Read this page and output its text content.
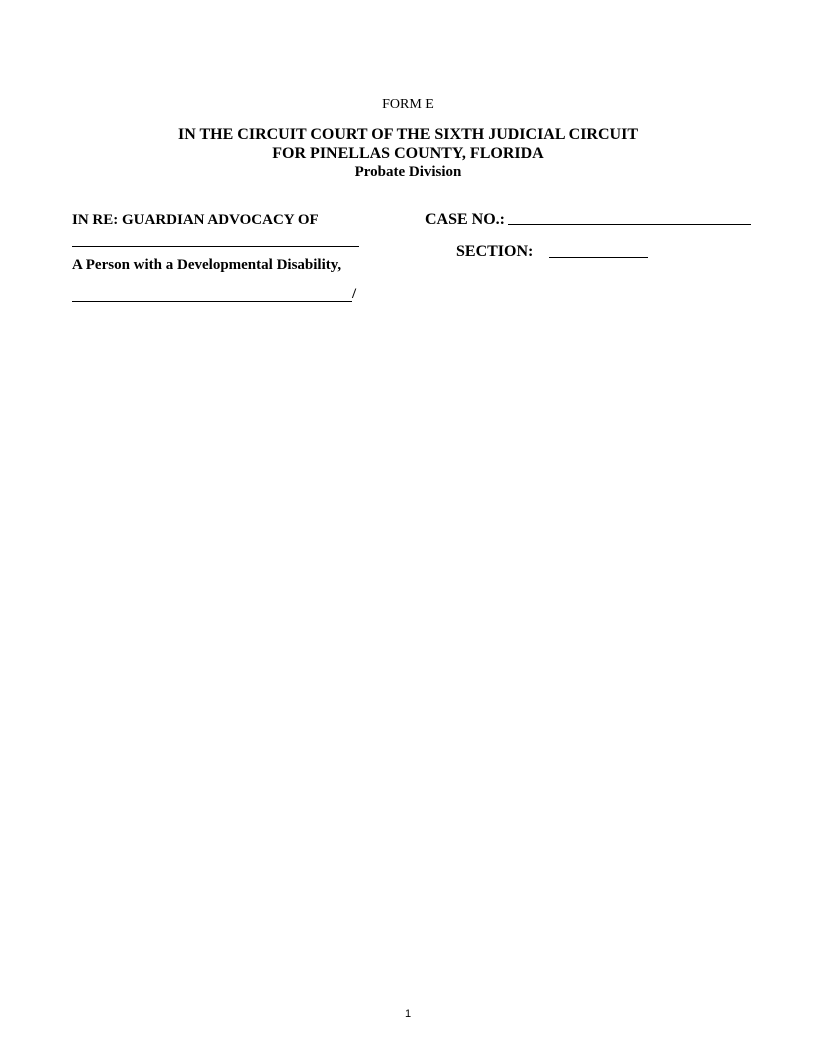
FORM E
IN THE CIRCUIT COURT OF THE SIXTH JUDICIAL CIRCUIT
FOR PINELLAS COUNTY, FLORIDA
Probate Division
IN RE: GUARDIAN ADVOCACY OF
A Person with a Developmental Disability,
/
CASE NO.:
SECTION:
1
